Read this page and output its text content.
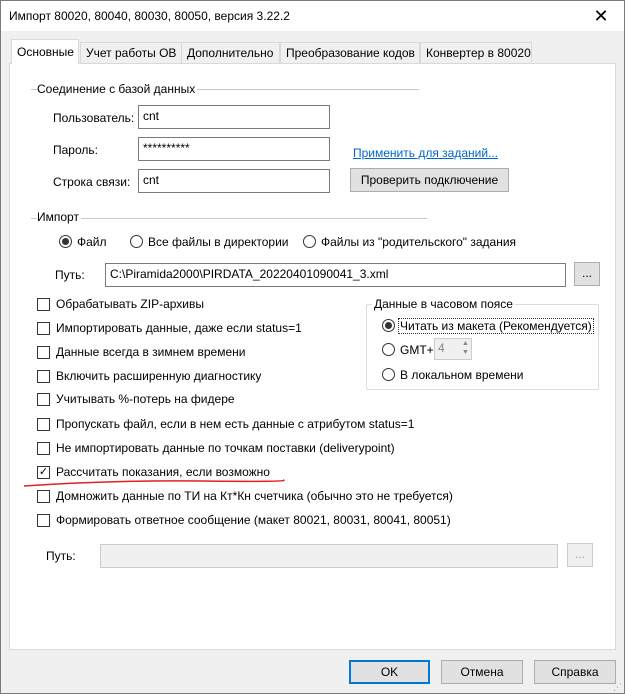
Импорт 80020, 80040, 80030, 80050, версия 3.22.2	✕
Основные	Учет работы ОВ Дополнительно	Преобразование кодов Конвертер в 80020
Соединение с базой данных
Пользователь: cnt
Пароль:	**********	Применить для заданий...
Строка связи:	cnt	Проверить подключение
Импорт
Файл	Все файлы в директории	Файлы из "родительского" задания
Путь:	C:\Piramida2000\PIRDATA_20220401090041_3.xml	...
Обрабатывать ZIP-архивы
Импортировать данные, даже если status=1
Данные всегда в зимнем времени
Включить расширенную диагностику
Учитывать %-потерь на фидере
Пропускать файл, если в нем есть данные с атрибутом status=1
Не импортировать данные по точкам поставки (deliverypoint)
✓ Рассчитать показания, если возможно
Домножить данные по ТИ на Кт*Кн счетчика (обычно это не требуется)
Формировать ответное сообщение (макет 80021, 80031, 80041, 80051)
Данные в часовом поясе
Читать из макета (Рекомендуется)
GMT+ 4	▲
▼
В локальном времени
Путь:	...
OK	Отмена	Справка
⋰
